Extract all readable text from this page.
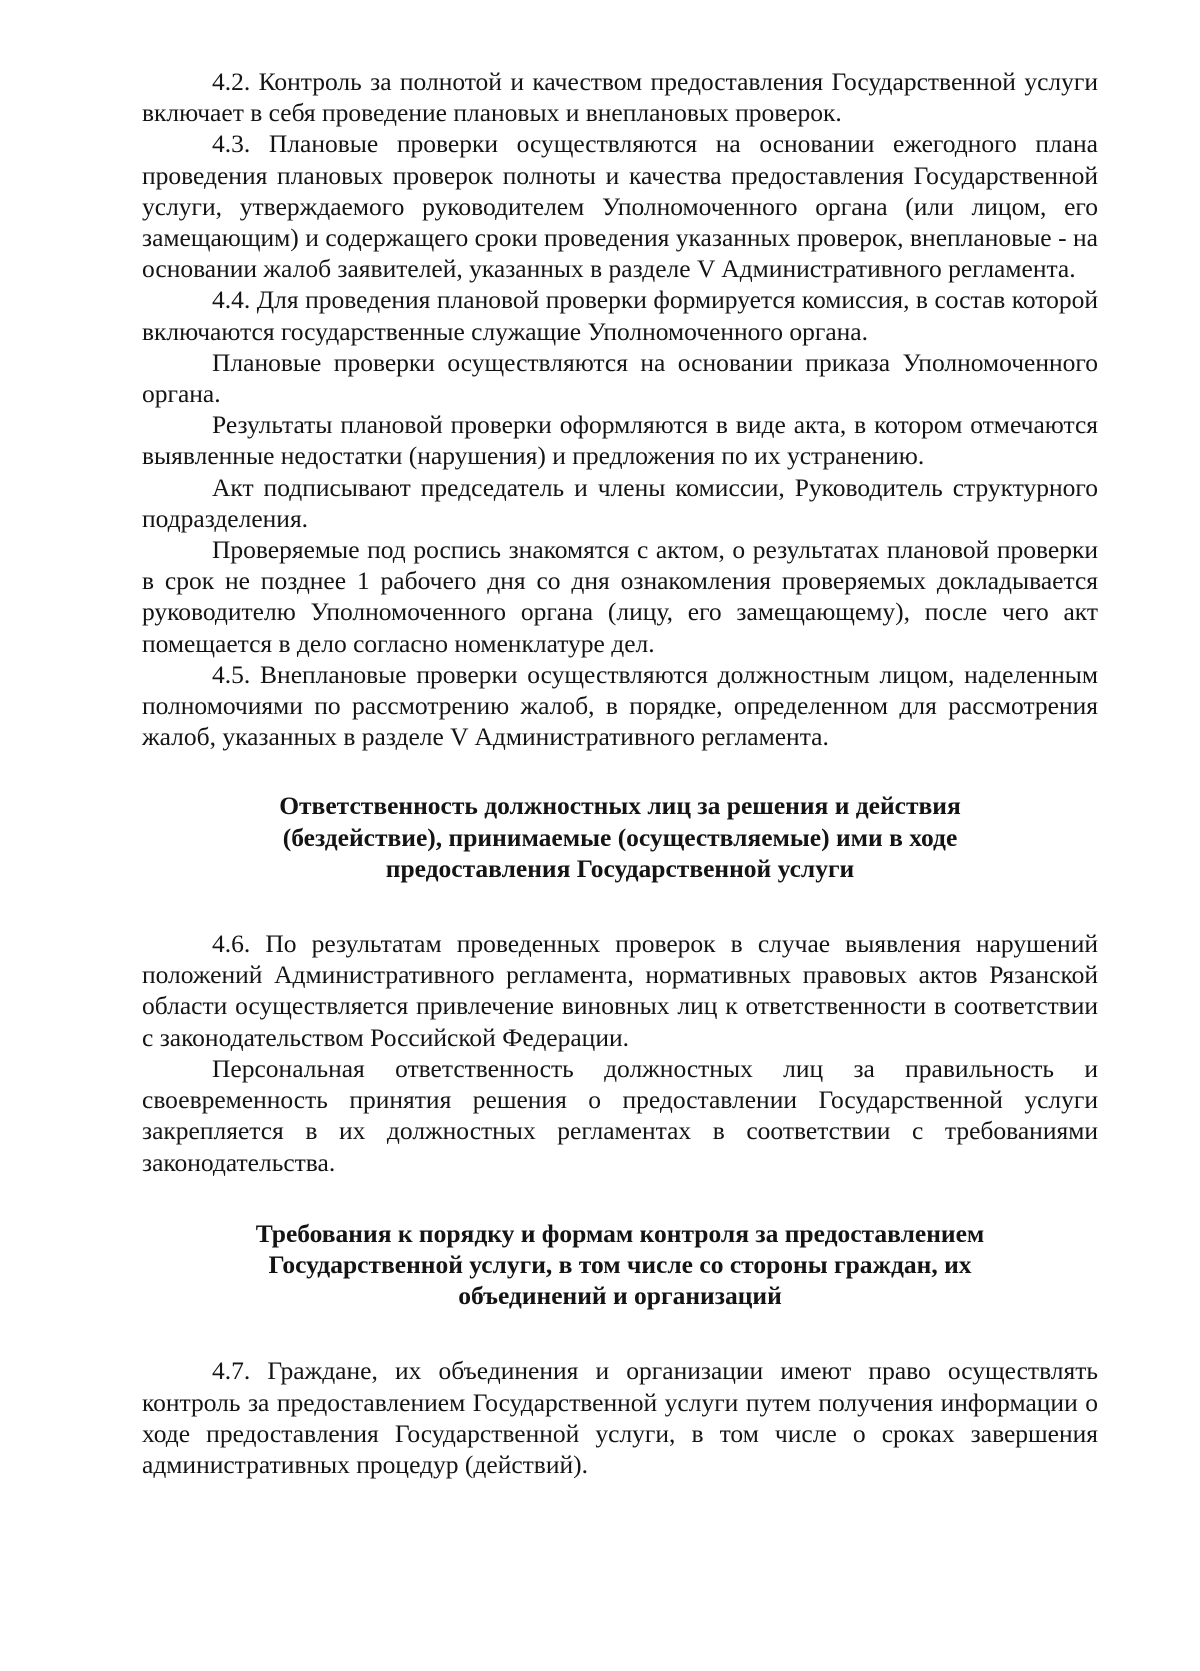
4.2. Контроль за полнотой и качеством предоставления Государственной услуги включает в себя проведение плановых и внеплановых проверок.

4.3. Плановые проверки осуществляются на основании ежегодного плана проведения плановых проверок полноты и качества предоставления Государственной услуги, утверждаемого руководителем Уполномоченного органа (или лицом, его замещающим) и содержащего сроки проведения указанных проверок, внеплановые - на основании жалоб заявителей, указанных в разделе V Административного регламента.

4.4. Для проведения плановой проверки формируется комиссия, в состав которой включаются государственные служащие Уполномоченного органа.

Плановые проверки осуществляются на основании приказа Уполномоченного органа.

Результаты плановой проверки оформляются в виде акта, в котором отмечаются выявленные недостатки (нарушения) и предложения по их устранению.

Акт подписывают председатель и члены комиссии, Руководитель структурного подразделения.

Проверяемые под роспись знакомятся с актом, о результатах плановой проверки в срок не позднее 1 рабочего дня со дня ознакомления проверяемых докладывается руководителю Уполномоченного органа (лицу, его замещающему), после чего акт помещается в дело согласно номенклатуре дел.

4.5. Внеплановые проверки осуществляются должностным лицом, наделенным полномочиями по рассмотрению жалоб, в порядке, определенном для рассмотрения жалоб, указанных в разделе V Административного регламента.

Ответственность должностных лиц за решения и действия (бездействие), принимаемые (осуществляемые) ими в ходе предоставления Государственной услуги

4.6. По результатам проведенных проверок в случае выявления нарушений положений Административного регламента, нормативных правовых актов Рязанской области осуществляется привлечение виновных лиц к ответственности в соответствии с законодательством Российской Федерации.

Персональная ответственность должностных лиц за правильность и своевременность принятия решения о предоставлении Государственной услуги закрепляется в их должностных регламентах в соответствии с требованиями законодательства.

Требования к порядку и формам контроля за предоставлением Государственной услуги, в том числе со стороны граждан, их объединений и организаций

4.7. Граждане, их объединения и организации имеют право осуществлять контроль за предоставлением Государственной услуги путем получения информации о ходе предоставления Государственной услуги, в том числе о сроках завершения административных процедур (действий).
